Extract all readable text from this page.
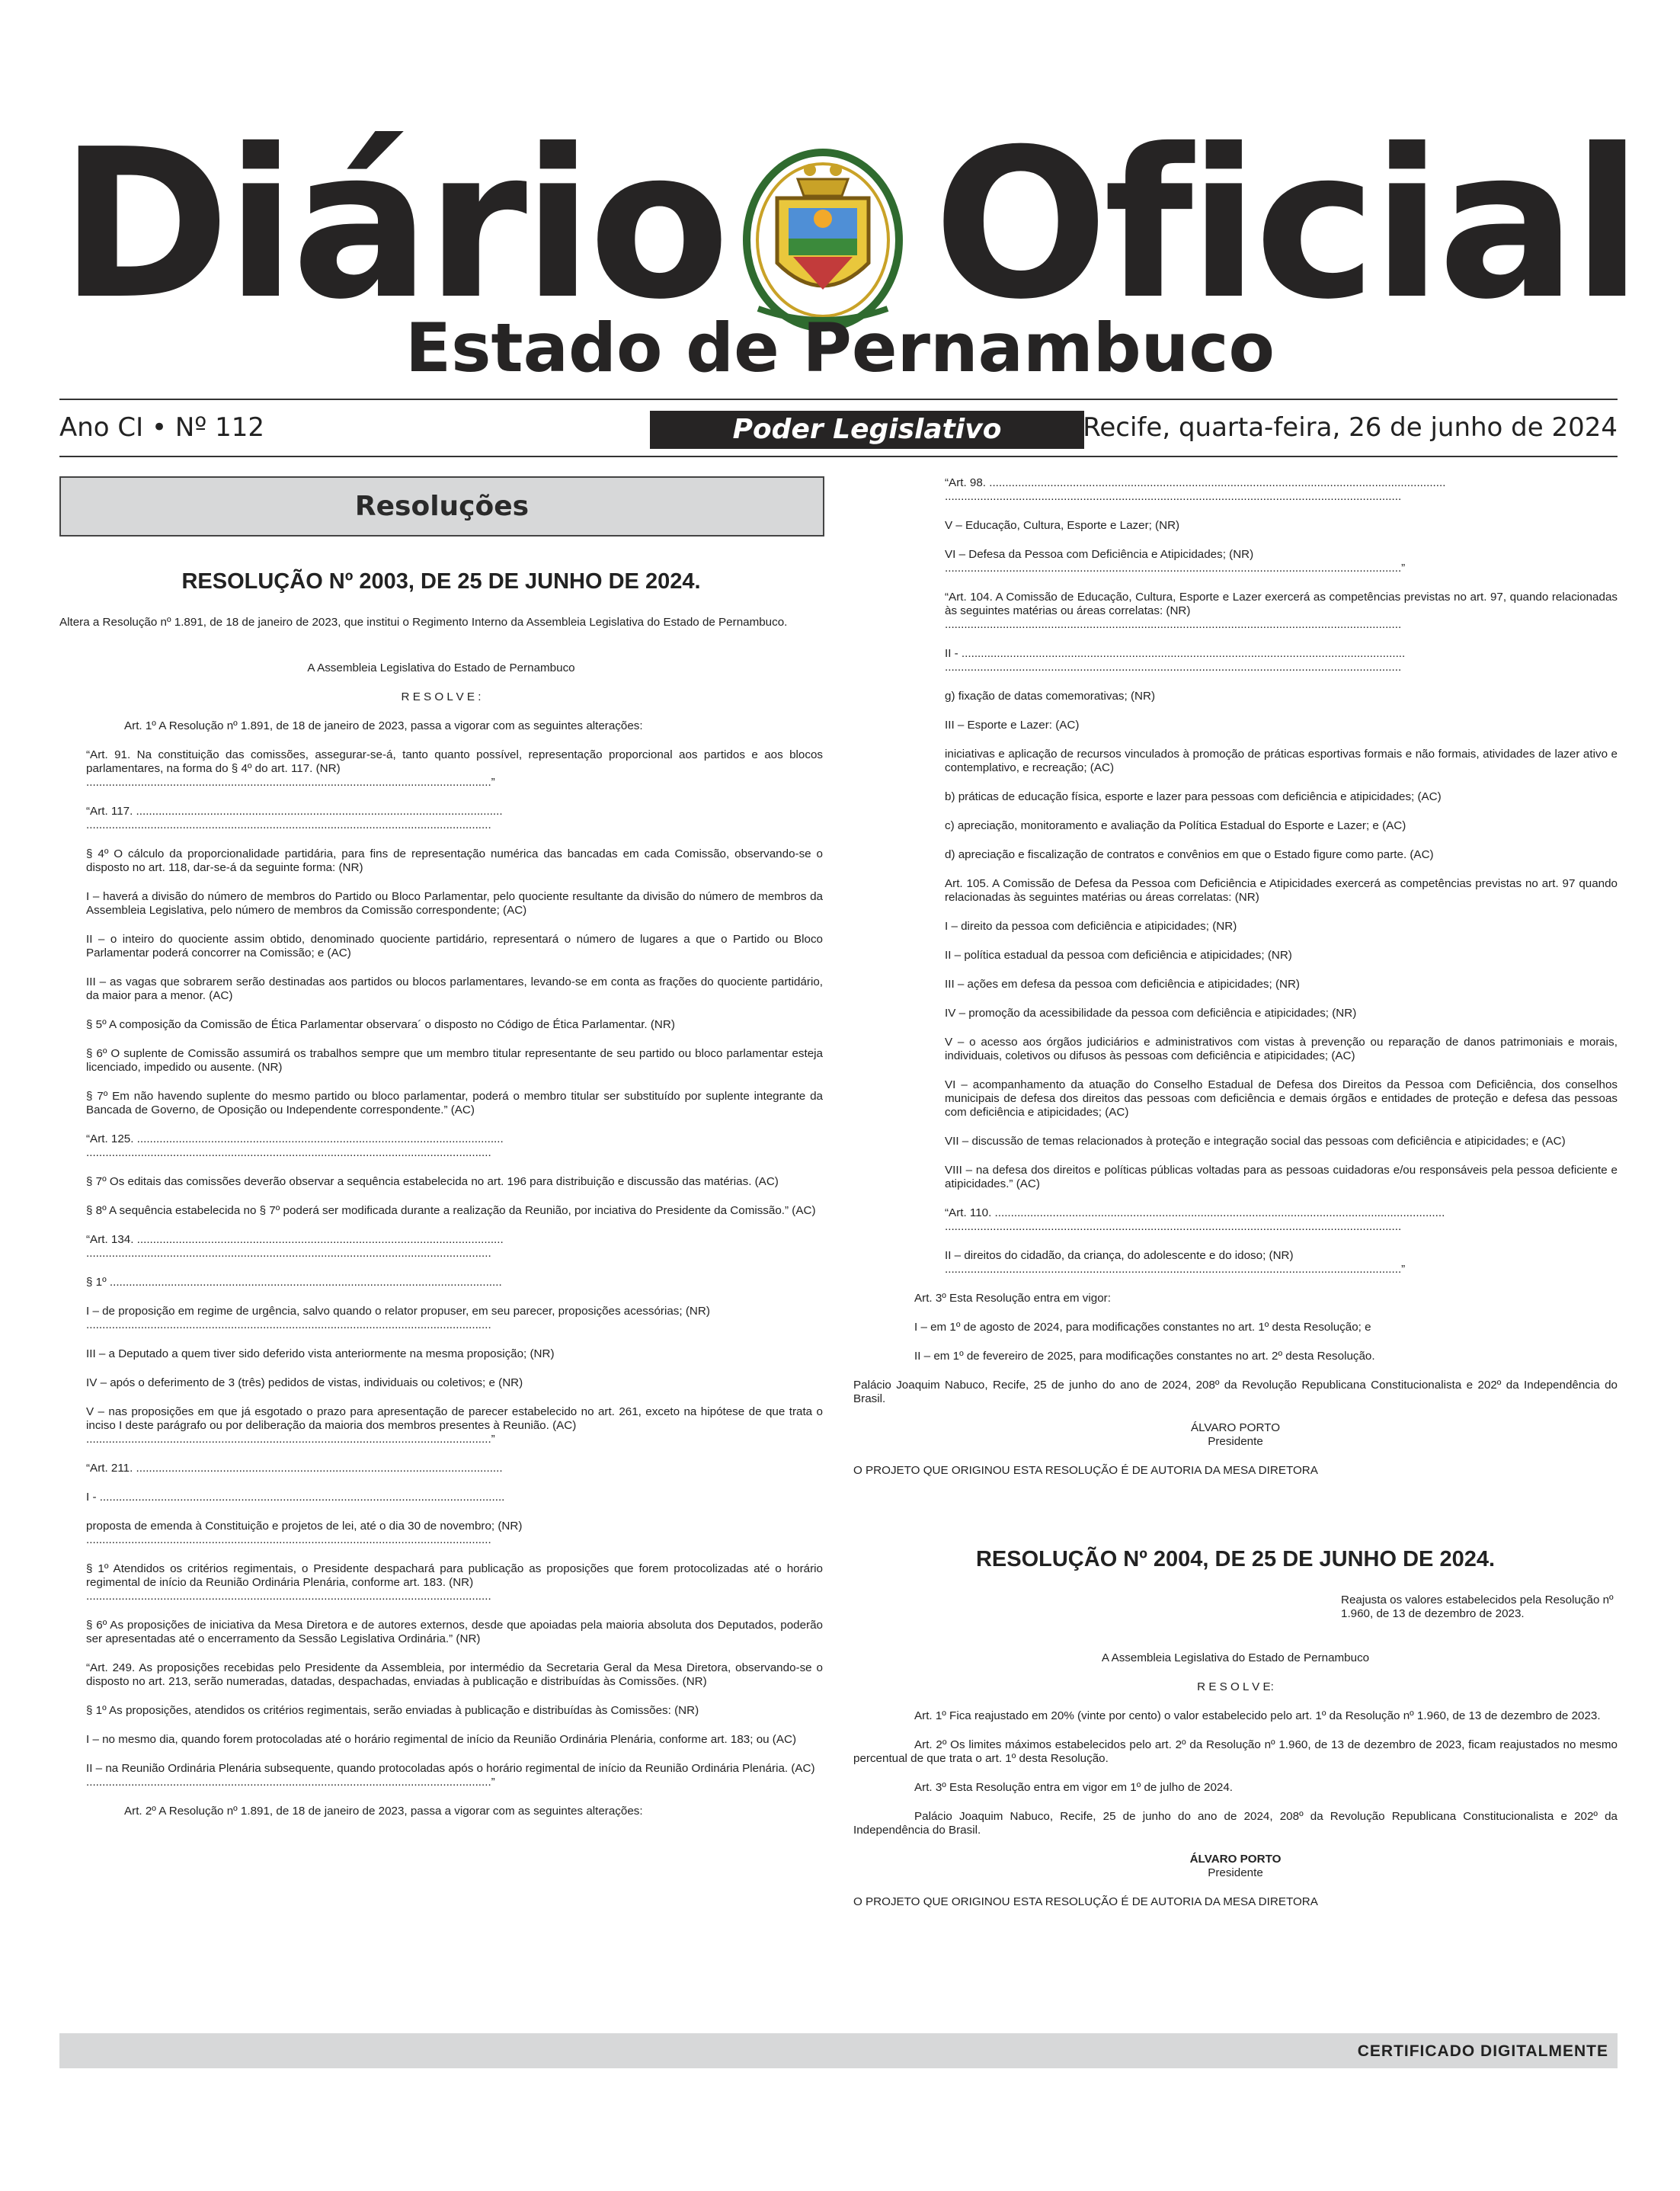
Diário Oficial
Estado de Pernambuco
Ano CI • Nº 112	Poder Legislativo	Recife, quarta-feira, 26 de junho de 2024
Resoluções
RESOLUÇÃO Nº 2003, DE 25 DE JUNHO DE 2024.

Altera a Resolução nº 1.891, de 18 de janeiro de 2023, que institui o Regimento Interno da Assembleia Legislativa do Estado de Pernambuco.

A Assembleia Legislativa do Estado de Pernambuco

R E S O L V E :

Art. 1º A Resolução nº 1.891, de 18 de janeiro de 2023, passa a vigorar com as seguintes alterações:

“Art. 91. Na constituição das comissões, assegurar-se-á, tanto quanto possível, representação proporcional aos partidos e aos blocos parlamentares, na forma do § 4º do art. 117. (NR)
..............................................................................................................................”

“Art. 117. ..................................................................................................................
..............................................................................................................................

§ 4º O cálculo da proporcionalidade partidária, para fins de representação numérica das bancadas em cada Comissão, observando-se o disposto no art. 118, dar-se-á da seguinte forma: (NR)

I – haverá a divisão do número de membros do Partido ou Bloco Parlamentar, pelo quociente resultante da divisão do número de membros da Assembleia Legislativa, pelo número de membros da Comissão correspondente; (AC)

II – o inteiro do quociente assim obtido, denominado quociente partidário, representará o número de lugares a que o Partido ou Bloco Parlamentar poderá concorrer na Comissão; e (AC)

III – as vagas que sobrarem serão destinadas aos partidos ou blocos parlamentares, levando-se em conta as frações do quociente partidário, da maior para a menor. (AC)

§ 5º A composição da Comissão de Ética Parlamentar observara´ o disposto no Código de Ética Parlamentar. (NR)

§ 6º O suplente de Comissão assumirá os trabalhos sempre que um membro titular representante de seu partido ou bloco parlamentar esteja licenciado, impedido ou ausente. (NR)

§ 7º Em não havendo suplente do mesmo partido ou bloco parlamentar, poderá o membro titular ser substituído por suplente integrante da Bancada de Governo, de Oposição ou Independente correspondente.” (AC)

“Art. 125. ..................................................................................................................
..............................................................................................................................

§ 7º Os editais das comissões deverão observar a sequência estabelecida no art. 196 para distribuição e discussão das matérias. (AC)

§ 8º A sequência estabelecida no § 7º poderá ser modificada durante a realização da Reunião, por inciativa do Presidente da Comissão.” (AC)

“Art. 134. ..................................................................................................................
..............................................................................................................................

§ 1º ..........................................................................................................................

I – de proposição em regime de urgência, salvo quando o relator propuser, em seu parecer, proposições acessórias; (NR)
..............................................................................................................................

III – a Deputado a quem tiver sido deferido vista anteriormente na mesma proposição; (NR)

IV – após o deferimento de 3 (três) pedidos de vistas, individuais ou coletivos; e (NR)

V – nas proposições em que já esgotado o prazo para apresentação de parecer estabelecido no art. 261, exceto na hipótese de que trata o inciso I deste parágrafo ou por deliberação da maioria dos membros presentes à Reunião. (AC)
..............................................................................................................................”

“Art. 211. ..................................................................................................................

I - ..............................................................................................................................

proposta de emenda à Constituição e projetos de lei, até o dia 30 de novembro; (NR)
..............................................................................................................................

§ 1º Atendidos os critérios regimentais, o Presidente despachará para publicação as proposições que forem protocolizadas até o horário regimental de início da Reunião Ordinária Plenária, conforme art. 183. (NR)
..............................................................................................................................

§ 6º As proposições de iniciativa da Mesa Diretora e de autores externos, desde que apoiadas pela maioria absoluta dos Deputados, poderão ser apresentadas até o encerramento da Sessão Legislativa Ordinária.” (NR)

“Art. 249. As proposições recebidas pelo Presidente da Assembleia, por intermédio da Secretaria Geral da Mesa Diretora, observando-se o disposto no art. 213, serão numeradas, datadas, despachadas, enviadas à publicação e distribuídas às Comissões. (NR)

§ 1º As proposições, atendidos os critérios regimentais, serão enviadas à publicação e distribuídas às Comissões: (NR)

I – no mesmo dia, quando forem protocoladas até o horário regimental de início da Reunião Ordinária Plenária, conforme art. 183; ou (AC)

II – na Reunião Ordinária Plenária subsequente, quando protocoladas após o horário regimental de início da Reunião Ordinária Plenária. (AC)
..............................................................................................................................”

Art. 2º A Resolução nº 1.891, de 18 de janeiro de 2023, passa a vigorar com as seguintes alterações:

“Art. 98. ..............................................................................................................................................
..............................................................................................................................................

V – Educação, Cultura, Esporte e Lazer; (NR)

VI – Defesa da Pessoa com Deficiência e Atipicidades; (NR)
..............................................................................................................................................”

“Art. 104. A Comissão de Educação, Cultura, Esporte e Lazer exercerá as competências previstas no art. 97, quando relacionadas às seguintes matérias ou áreas correlatas: (NR)
..............................................................................................................................................

II - ..........................................................................................................................................
..............................................................................................................................................

g) fixação de datas comemorativas; (NR)

III – Esporte e Lazer: (AC)

iniciativas e aplicação de recursos vinculados à promoção de práticas esportivas formais e não formais, atividades de lazer ativo e contemplativo, e recreação; (AC)

b) práticas de educação física, esporte e lazer para pessoas com deficiência e atipicidades; (AC)

c) apreciação, monitoramento e avaliação da Política Estadual do Esporte e Lazer; e (AC)

d) apreciação e fiscalização de contratos e convênios em que o Estado figure como parte. (AC)

Art. 105. A Comissão de Defesa da Pessoa com Deficiência e Atipicidades exercerá as competências previstas no art. 97 quando relacionadas às seguintes matérias ou áreas correlatas: (NR)

I – direito da pessoa com deficiência e atipicidades; (NR)

II – política estadual da pessoa com deficiência e atipicidades; (NR)

III – ações em defesa da pessoa com deficiência e atipicidades; (NR)

IV – promoção da acessibilidade da pessoa com deficiência e atipicidades; (NR)

V – o acesso aos órgãos judiciários e administrativos com vistas à prevenção ou reparação de danos patrimoniais e morais, individuais, coletivos ou difusos às pessoas com deficiência e atipicidades; (AC)

VI – acompanhamento da atuação do Conselho Estadual de Defesa dos Direitos da Pessoa com Deficiência, dos conselhos municipais de defesa dos direitos das pessoas com deficiência e demais órgãos e entidades de proteção e defesa das pessoas com deficiência e atipicidades; (AC)

VII – discussão de temas relacionados à proteção e integração social das pessoas com deficiência e atipicidades; e (AC)

VIII – na defesa dos direitos e políticas públicas voltadas para as pessoas cuidadoras e/ou responsáveis pela pessoa deficiente e atipicidades.” (AC)

“Art. 110. ............................................................................................................................................
..............................................................................................................................................

II – direitos do cidadão, da criança, do adolescente e do idoso; (NR)
..............................................................................................................................................”

Art. 3º Esta Resolução entra em vigor:

I – em 1º de agosto de 2024, para modificações constantes no art. 1º desta Resolução; e

II – em 1º de fevereiro de 2025, para modificações constantes no art. 2º desta Resolução.

Palácio Joaquim Nabuco, Recife, 25 de junho do ano de 2024, 208º da Revolução Republicana Constitucionalista e 202º da Independência do Brasil.

ÁLVARO PORTO

Presidente

O PROJETO QUE ORIGINOU ESTA RESOLUÇÃO É DE AUTORIA DA MESA DIRETORA

RESOLUÇÃO Nº 2004, DE 25 DE JUNHO DE 2024.

Reajusta os valores estabelecidos pela Resolução nº 1.960, de 13 de dezembro de 2023.

A Assembleia Legislativa do Estado de Pernambuco

R E S O L V E:

Art. 1º Fica reajustado em 20% (vinte por cento) o valor estabelecido pelo art. 1º da Resolução nº 1.960, de 13 de dezembro de 2023.

Art. 2º Os limites máximos estabelecidos pelo art. 2º da Resolução nº 1.960, de 13 de dezembro de 2023, ficam reajustados no mesmo percentual de que trata o art. 1º desta Resolução.

Art. 3º Esta Resolução entra em vigor em 1º de julho de 2024.

Palácio Joaquim Nabuco, Recife, 25 de junho do ano de 2024, 208º da Revolução Republicana Constitucionalista e 202º da Independência do Brasil.

ÁLVARO PORTO

Presidente

O PROJETO QUE ORIGINOU ESTA RESOLUÇÃO É DE AUTORIA DA MESA DIRETORA

CERTIFICADO DIGITALMENTE
